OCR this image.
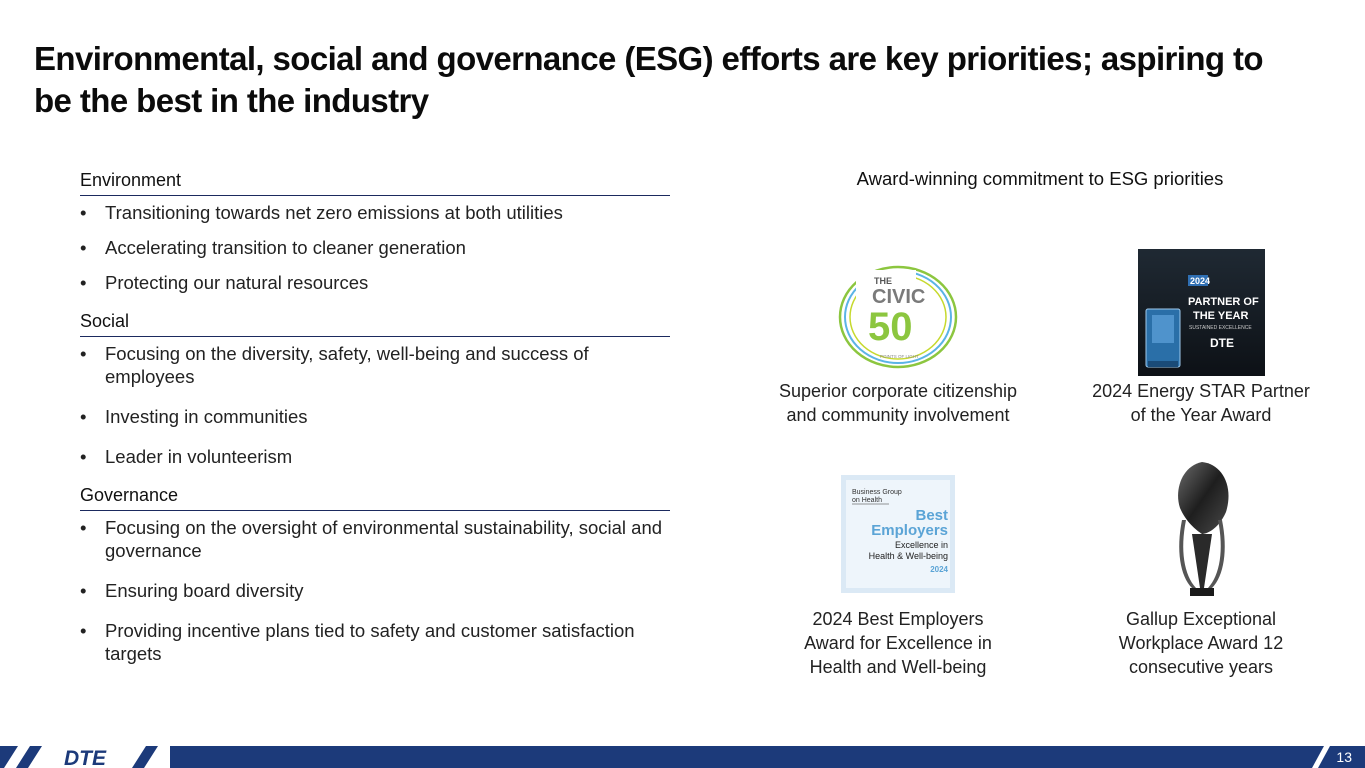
Environmental, social and governance (ESG) efforts are key priorities; aspiring to be the best in the industry
Environment
• Transitioning towards net zero emissions at both utilities
• Accelerating transition to cleaner generation
• Protecting our natural resources
Social
• Focusing on the diversity, safety, well-being and success of employees
• Investing in communities
• Leader in volunteerism
Governance
• Focusing on the oversight of environmental sustainability, social and governance
• Ensuring board diversity
• Providing incentive plans tied to safety and customer satisfaction targets
Award-winning commitment to ESG priorities
THE
CIVIC
50
POINTS OF LIGHT
2024
PARTNER OF
THE YEAR
SUSTAINED EXCELLENCE
DTE
Superior corporate citizenship
and community involvement
2024 Energy STAR Partner
of the Year Award
Business Group
on Health
Best
Employers
Excellence in
Health & Well-being
2024
2024 Best Employers
Award for Excellence in
Health and Well-being
Gallup Exceptional
Workplace Award 12
consecutive years
DTE	13
